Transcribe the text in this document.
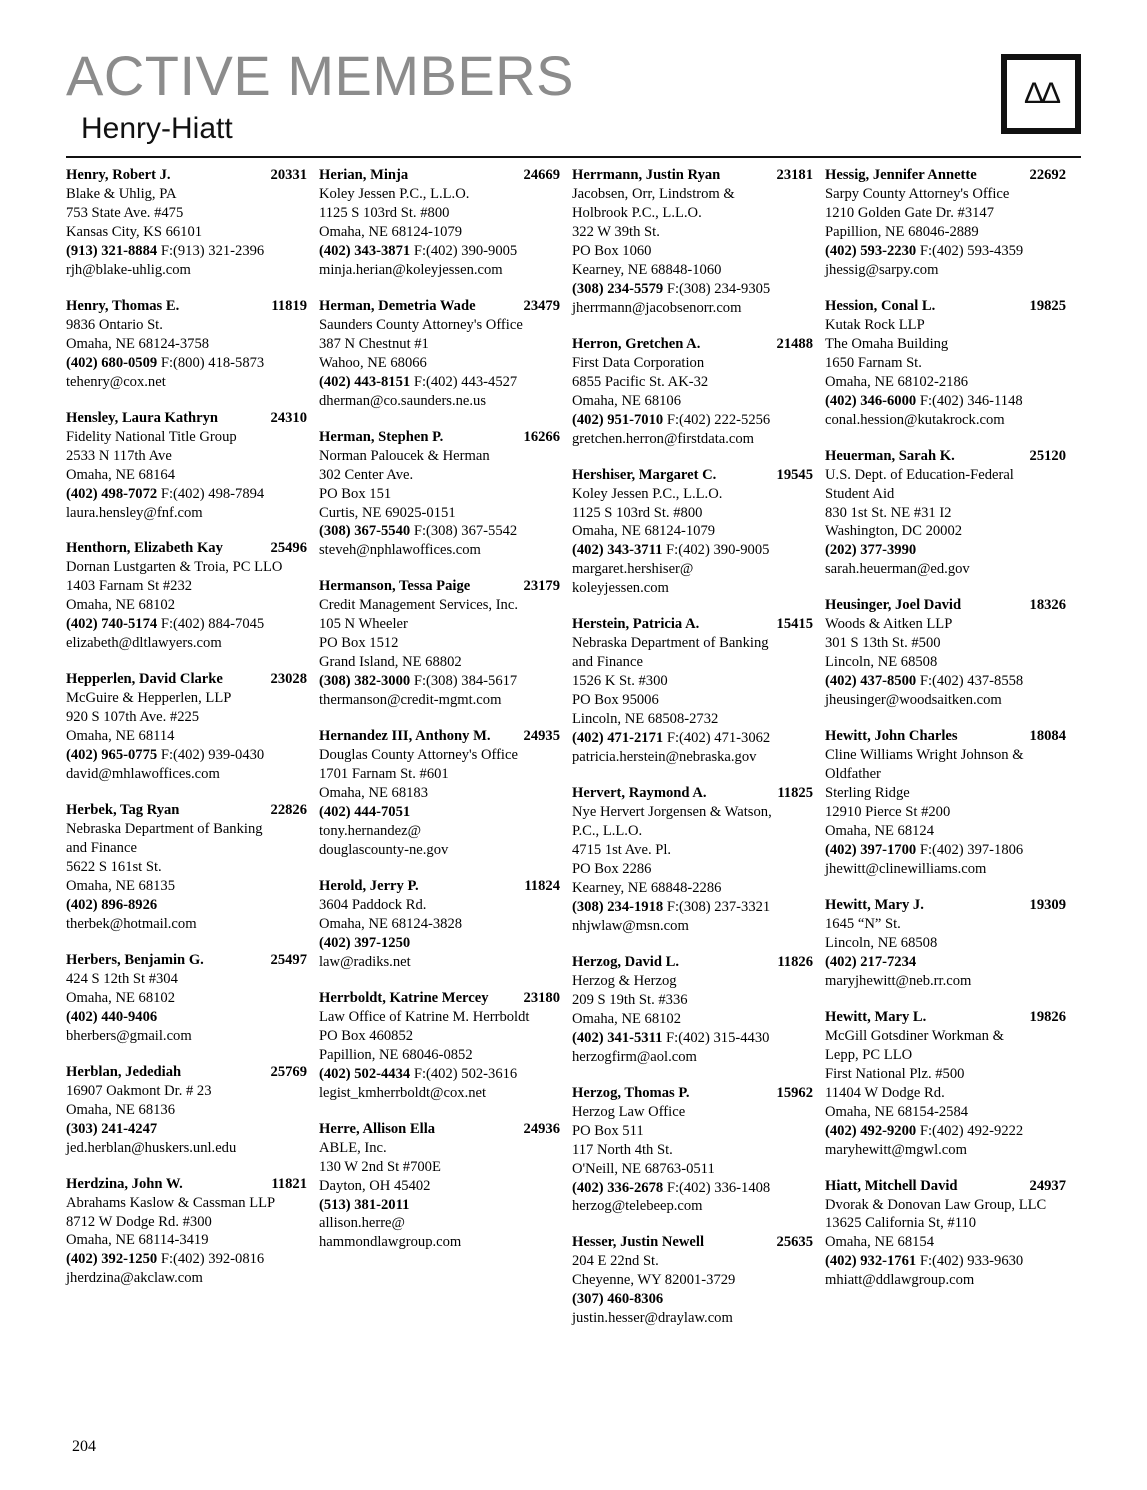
ACTIVE MEMBERS
Henry-Hiatt
ΔΔ
Henry, Robert J.	20331
Blake & Uhlig, PA
753 State Ave. #475
Kansas City, KS 66101
(913) 321-8884 F:(913) 321-2396
rjh@blake-uhlig.com
Henry, Thomas E.	11819
9836 Ontario St.
Omaha, NE 68124-3758
(402) 680-0509 F:(800) 418-5873
tehenry@cox.net
Hensley, Laura Kathryn	24310
Fidelity National Title Group
2533 N 117th Ave
Omaha, NE 68164
(402) 498-7072 F:(402) 498-7894
laura.hensley@fnf.com
Henthorn, Elizabeth Kay	25496
Dornan Lustgarten & Troia, PC LLO
1403 Farnam St #232
Omaha, NE 68102
(402) 740-5174 F:(402) 884-7045
elizabeth@dltlawyers.com
Hepperlen, David Clarke	23028
McGuire & Hepperlen, LLP
920 S 107th Ave. #225
Omaha, NE 68114
(402) 965-0775 F:(402) 939-0430
david@mhlawoffices.com
Herbek, Tag Ryan	22826
Nebraska Department of Banking
and Finance
5622 S 161st St.
Omaha, NE 68135
(402) 896-8926
therbek@hotmail.com
Herbers, Benjamin G.	25497
424 S 12th St #304
Omaha, NE 68102
(402) 440-9406
bherbers@gmail.com
Herblan, Jedediah	25769
16907 Oakmont Dr. # 23
Omaha, NE 68136
(303) 241-4247
jed.herblan@huskers.unl.edu
Herdzina, John W.	11821
Abrahams Kaslow & Cassman LLP
8712 W Dodge Rd. #300
Omaha, NE 68114-3419
(402) 392-1250 F:(402) 392-0816
jherdzina@akclaw.com
Herian, Minja	24669
Koley Jessen P.C., L.L.O.
1125 S 103rd St. #800
Omaha, NE 68124-1079
(402) 343-3871 F:(402) 390-9005
minja.herian@koleyjessen.com
Herman, Demetria Wade	23479
Saunders County Attorney's Office
387 N Chestnut #1
Wahoo, NE 68066
(402) 443-8151 F:(402) 443-4527
dherman@co.saunders.ne.us
Herman, Stephen P.	16266
Norman Paloucek & Herman
302 Center Ave.
PO Box 151
Curtis, NE 69025-0151
(308) 367-5540 F:(308) 367-5542
steveh@nphlawoffices.com
Hermanson, Tessa Paige	23179
Credit Management Services, Inc.
105 N Wheeler
PO Box 1512
Grand Island, NE 68802
(308) 382-3000 F:(308) 384-5617
thermanson@credit-mgmt.com
Hernandez III, Anthony M.	24935
Douglas County Attorney's Office
1701 Farnam St. #601
Omaha, NE 68183
(402) 444-7051
tony.hernandez@
douglascounty-ne.gov
Herold, Jerry P.	11824
3604 Paddock Rd.
Omaha, NE 68124-3828
(402) 397-1250
law@radiks.net
Herrboldt, Katrine Mercey	23180
Law Office of Katrine M. Herrboldt
PO Box 460852
Papillion, NE 68046-0852
(402) 502-4434 F:(402) 502-3616
legist_kmherrboldt@cox.net
Herre, Allison Ella	24936
ABLE, Inc.
130 W 2nd St #700E
Dayton, OH 45402
(513) 381-2011
allison.herre@
hammondlawgroup.com
Herrmann, Justin Ryan	23181
Jacobsen, Orr, Lindstrom &
Holbrook P.C., L.L.O.
322 W 39th St.
PO Box 1060
Kearney, NE 68848-1060
(308) 234-5579 F:(308) 234-9305
jherrmann@jacobsenorr.com
Herron, Gretchen A.	21488
First Data Corporation
6855 Pacific St. AK-32
Omaha, NE 68106
(402) 951-7010 F:(402) 222-5256
gretchen.herron@firstdata.com
Hershiser, Margaret C.	19545
Koley Jessen P.C., L.L.O.
1125 S 103rd St. #800
Omaha, NE 68124-1079
(402) 343-3711 F:(402) 390-9005
margaret.hershiser@
koleyjessen.com
Herstein, Patricia A.	15415
Nebraska Department of Banking
and Finance
1526 K St. #300
PO Box 95006
Lincoln, NE 68508-2732
(402) 471-2171 F:(402) 471-3062
patricia.herstein@nebraska.gov
Hervert, Raymond A.	11825
Nye Hervert Jorgensen & Watson,
P.C., L.L.O.
4715 1st Ave. Pl.
PO Box 2286
Kearney, NE 68848-2286
(308) 234-1918 F:(308) 237-3321
nhjwlaw@msn.com
Herzog, David L.	11826
Herzog & Herzog
209 S 19th St. #336
Omaha, NE 68102
(402) 341-5311 F:(402) 315-4430
herzogfirm@aol.com
Herzog, Thomas P.	15962
Herzog Law Office
PO Box 511
117 North 4th St.
O'Neill, NE 68763-0511
(402) 336-2678 F:(402) 336-1408
herzog@telebeep.com
Hesser, Justin Newell	25635
204 E 22nd St.
Cheyenne, WY 82001-3729
(307) 460-8306
justin.hesser@draylaw.com
Hessig, Jennifer Annette	22692
Sarpy County Attorney's Office
1210 Golden Gate Dr. #3147
Papillion, NE 68046-2889
(402) 593-2230 F:(402) 593-4359
jhessig@sarpy.com
Hession, Conal L.	19825
Kutak Rock LLP
The Omaha Building
1650 Farnam St.
Omaha, NE 68102-2186
(402) 346-6000 F:(402) 346-1148
conal.hession@kutakrock.com
Heuerman, Sarah K.	25120
U.S. Dept. of Education-Federal
Student Aid
830 1st St. NE #31 I2
Washington, DC 20002
(202) 377-3990
sarah.heuerman@ed.gov
Heusinger, Joel David	18326
Woods & Aitken LLP
301 S 13th St. #500
Lincoln, NE 68508
(402) 437-8500 F:(402) 437-8558
jheusinger@woodsaitken.com
Hewitt, John Charles	18084
Cline Williams Wright Johnson &
Oldfather
Sterling Ridge
12910 Pierce St #200
Omaha, NE 68124
(402) 397-1700 F:(402) 397-1806
jhewitt@clinewilliams.com
Hewitt, Mary J.	19309
1645 “N” St.
Lincoln, NE 68508
(402) 217-7234
maryjhewitt@neb.rr.com
Hewitt, Mary L.	19826
McGill Gotsdiner Workman &
Lepp, PC LLO
First National Plz. #500
11404 W Dodge Rd.
Omaha, NE 68154-2584
(402) 492-9200 F:(402) 492-9222
maryhewitt@mgwl.com
Hiatt, Mitchell David	24937
Dvorak & Donovan Law Group, LLC
13625 California St, #110
Omaha, NE 68154
(402) 932-1761 F:(402) 933-9630
mhiatt@ddlawgroup.com
204
